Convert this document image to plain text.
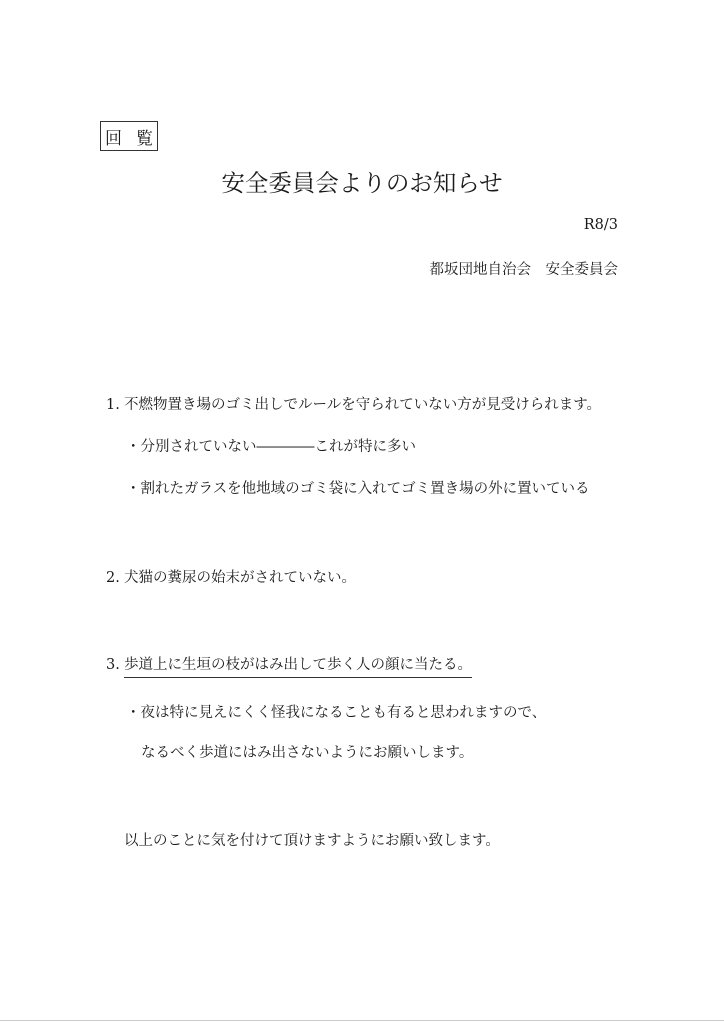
回 覧
安全委員会よりのお知らせ
R8/3
都坂団地自治会　安全委員会
1. 不燃物置き場のゴミ出しでルールを守られていない方が見受けられます。
・分別されていない――――これが特に多い
・割れたガラスを他地域のゴミ袋に入れてゴミ置き場の外に置いている
2. 犬猫の糞尿の始末がされていない。
3. 歩道上に生垣の枝がはみ出して歩く人の顔に当たる。
・夜は特に見えにくく怪我になることも有ると思われますので、
なるべく歩道にはみ出さないようにお願いします。
以上のことに気を付けて頂けますようにお願い致します。
